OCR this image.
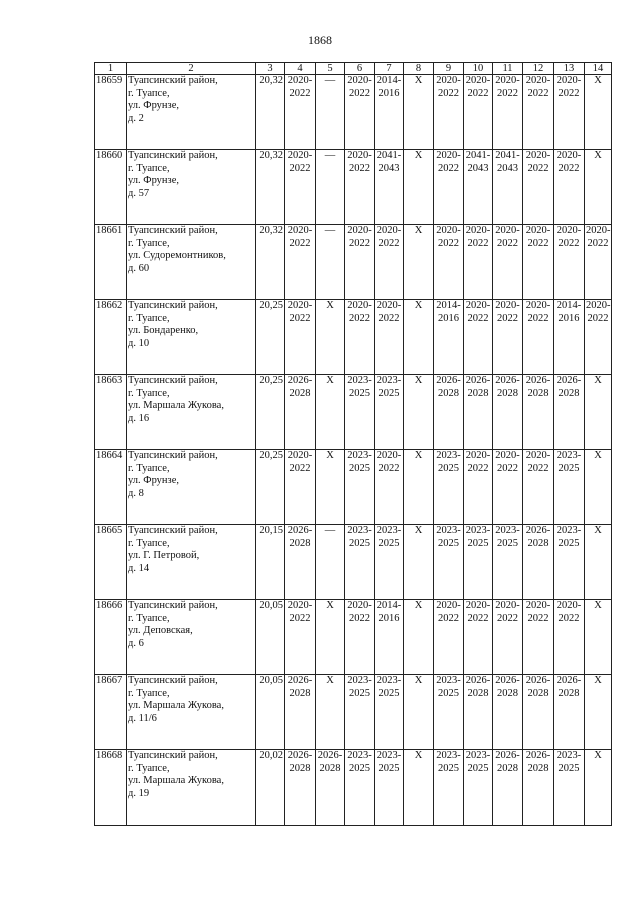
1868
1	2	3	4	5	6	7	8	9	10	11	12	13	14
18659	Туапсинский район,
г. Туапсе,
ул. Фрунзе,
д. 2	20,32	2020-2022	—	2020-2022	2014-2016	X	2020-2022	2020-2022	2020-2022	2020-2022	2020-2022	X
18660	Туапсинский район,
г. Туапсе,
ул. Фрунзе,
д. 57	20,32	2020-2022	—	2020-2022	2041-2043	X	2020-2022	2041-2043	2041-2043	2020-2022	2020-2022	X
18661	Туапсинский район,
г. Туапсе,
ул. Судоремонтников,
д. 60	20,32	2020-2022	—	2020-2022	2020-2022	X	2020-2022	2020-2022	2020-2022	2020-2022	2020-2022	2020-2022
18662	Туапсинский район,
г. Туапсе,
ул. Бондаренко,
д. 10	20,25	2020-2022	X	2020-2022	2020-2022	X	2014-2016	2020-2022	2020-2022	2020-2022	2014-2016	2020-2022
18663	Туапсинский район,
г. Туапсе,
ул. Маршала Жукова,
д. 16	20,25	2026-2028	X	2023-2025	2023-2025	X	2026-2028	2026-2028	2026-2028	2026-2028	2026-2028	X
18664	Туапсинский район,
г. Туапсе,
ул. Фрунзе,
д. 8	20,25	2020-2022	X	2023-2025	2020-2022	X	2023-2025	2020-2022	2020-2022	2020-2022	2023-2025	X
18665	Туапсинский район,
г. Туапсе,
ул. Г. Петровой,
д. 14	20,15	2026-2028	—	2023-2025	2023-2025	X	2023-2025	2023-2025	2023-2025	2026-2028	2023-2025	X
18666	Туапсинский район,
г. Туапсе,
ул. Деповская,
д. 6	20,05	2020-2022	X	2020-2022	2014-2016	X	2020-2022	2020-2022	2020-2022	2020-2022	2020-2022	X
18667	Туапсинский район,
г. Туапсе,
ул. Маршала Жукова,
д. 11/6	20,05	2026-2028	X	2023-2025	2023-2025	X	2023-2025	2026-2028	2026-2028	2026-2028	2026-2028	X
18668	Туапсинский район,
г. Туапсе,
ул. Маршала Жукова,
д. 19	20,02	2026-2028	2026-2028	2023-2025	2023-2025	X	2023-2025	2023-2025	2026-2028	2026-2028	2023-2025	X
